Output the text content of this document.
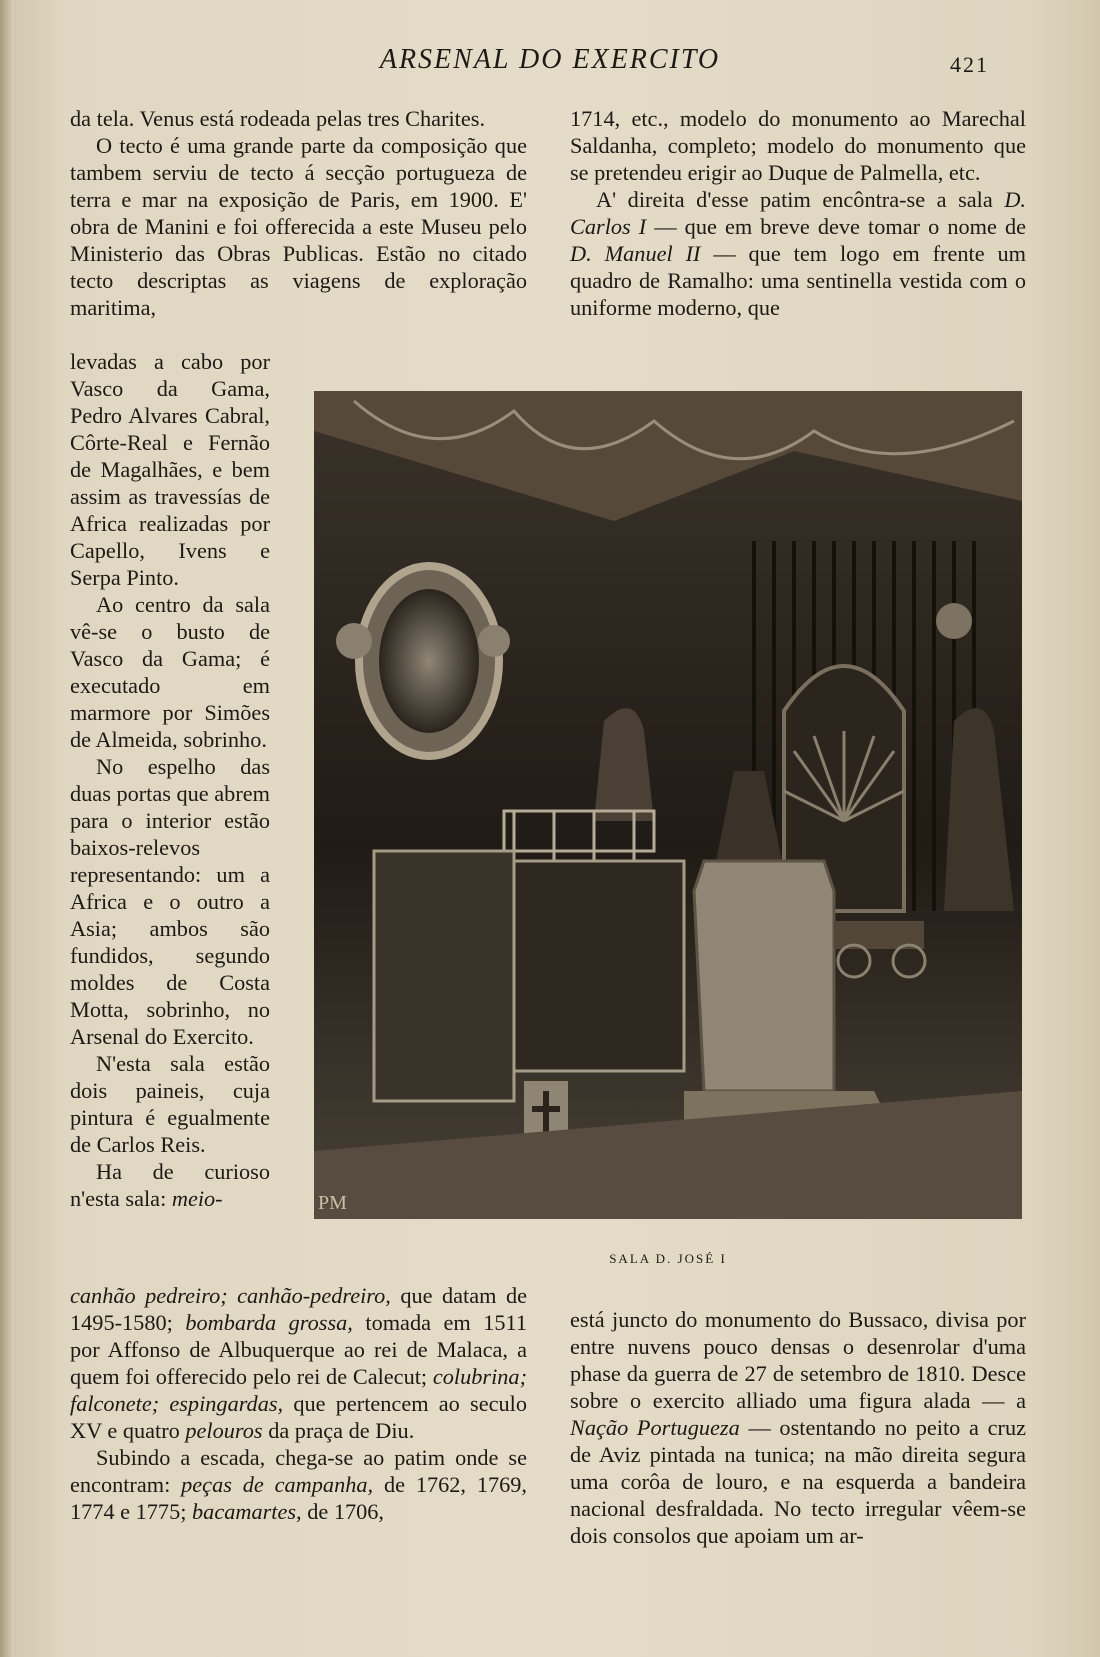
ARSENAL DO EXERCITO	421

da tela. Venus está rodeada pelas tres Charites.

O tecto é uma grande parte da composição que tambem serviu de tecto á secção portugueza de terra e mar na exposição de Paris, em 1900. E' obra de Manini e foi offerecida a este Museu pelo Ministerio das Obras Publicas. Estão no citado tecto descriptas as viagens de exploração maritima,

levadas a cabo por Vasco da Gama, Pedro Alvares Cabral, Côrte-Real e Fernão de Magalhães, e bem assim as travessías de Africa realizadas por Capello, Ivens e Serpa Pinto.

Ao centro da sala vê-se o busto de Vasco da Gama; é executado em marmore por Simões de Almeida, sobrinho.

No espelho das duas portas que abrem para o interior estão baixos-relevos representando: um a Africa e o outro a Asia; ambos são fundidos, segundo moldes de Costa Motta, sobrinho, no Arsenal do Exercito.

N'esta sala estão dois paineis, cuja pintura é egualmente de Carlos Reis.

Ha de curioso n'esta sala: meio-

canhão pedreiro; canhão-pedreiro, que datam de 1495-1580; bombarda grossa, tomada em 1511 por Affonso de Albuquerque ao rei de Malaca, a quem foi offerecido pelo rei de Calecut; colubrina; falconete; espingardas, que pertencem ao seculo XV e quatro pelouros da praça de Diu.

Subindo a escada, chega-se ao patim onde se encontram: peças de campanha, de 1762, 1769, 1774 e 1775; bacamartes, de 1706,

1714, etc., modelo do monumento ao Marechal Saldanha, completo; modelo do monumento que se pretendeu erigir ao Duque de Palmella, etc.

A' direita d'esse patim encôntra-se a sala D. Carlos I — que em breve deve tomar o nome de D. Manuel II — que tem logo em frente um quadro de Ramalho: uma sentinella vestida com o uniforme moderno, que

PM
SALA D. JOSÉ I

está juncto do monumento do Bussaco, divisa por entre nuvens pouco densas o desenrolar d'uma phase da guerra de 27 de setembro de 1810. Desce sobre o exercito alliado uma figura alada — a Nação Portugueza — ostentando no peito a cruz de Aviz pintada na tunica; na mão direita segura uma corôa de louro, e na esquerda a bandeira nacional desfraldada. No tecto irregular vêem-se dois consolos que apoiam um ar-
